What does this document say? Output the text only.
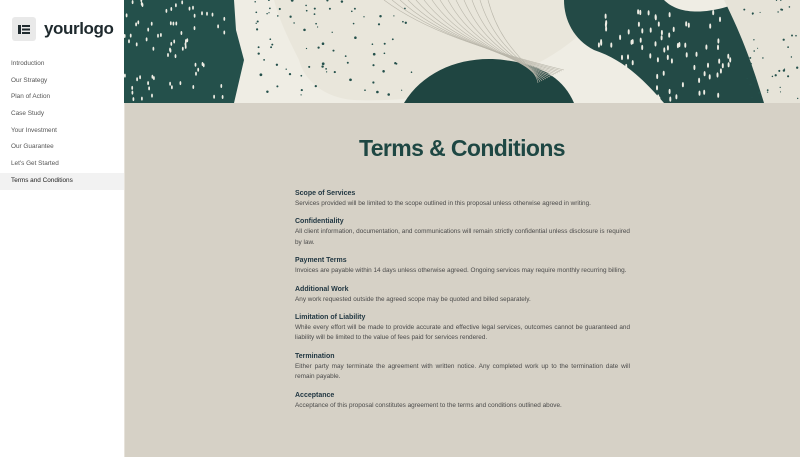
yourlogo
Introduction
Our Strategy
Plan of Action
Case Study
Your Investment
Our Guarantee
Let's Get Started
Terms and Conditions
Terms & Conditions
Scope of Services

Services provided will be limited to the scope outlined in this proposal unless otherwise agreed in writing.

Confidentiality

All client information, documentation, and communications will remain strictly confidential unless disclosure is required by law.

Payment Terms

Invoices are payable within 14 days unless otherwise agreed. Ongoing services may require monthly recurring billing.

Additional Work

Any work requested outside the agreed scope may be quoted and billed separately.

Limitation of Liability

While every effort will be made to provide accurate and effective legal services, outcomes cannot be guaranteed and liability will be limited to the value of fees paid for services rendered.

Termination

Either party may terminate the agreement with written notice. Any completed work up to the termination date will remain payable.

Acceptance

Acceptance of this proposal constitutes agreement to the terms and conditions outlined above.
